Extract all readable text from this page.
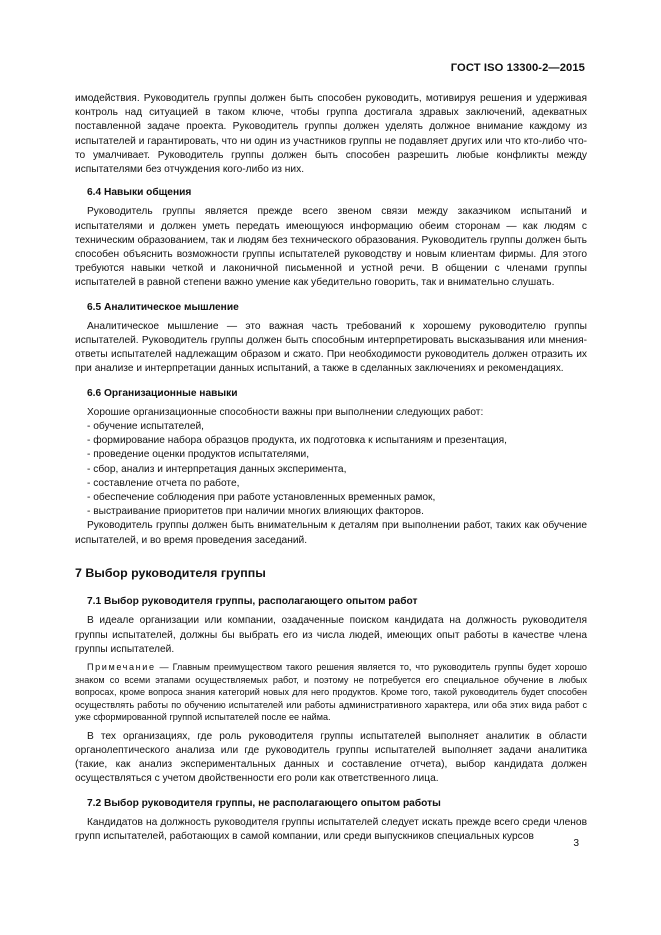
ГОСТ ISO 13300-2—2015

имодействия. Руководитель группы должен быть способен руководить, мотивируя решения и удерживая контроль над ситуацией в таком ключе, чтобы группа достигала здравых заключений, адекватных поставленной задаче проекта. Руководитель группы должен уделять должное внимание каждому из испытателей и гарантировать, что ни один из участников группы не подавляет других или что кто-либо что-то умалчивает. Руководитель группы должен быть способен разрешить любые конфликты между испытателями без отчуждения кого-либо из них.

6.4 Навыки общения

Руководитель группы является прежде всего звеном связи между заказчиком испытаний и испытателями и должен уметь передать имеющуюся информацию обеим сторонам — как людям с техническим образованием, так и людям без технического образования. Руководитель группы должен быть способен объяснить возможности группы испытателей руководству и новым клиентам фирмы. Для этого требуются навыки четкой и лаконичной письменной и устной речи. В общении с членами группы испытателей в равной степени важно умение как убедительно говорить, так и внимательно слушать.

6.5 Аналитическое мышление

Аналитическое мышление — это важная часть требований к хорошему руководителю группы испытателей. Руководитель группы должен быть способным интерпретировать высказывания или мнения-ответы испытателей надлежащим образом и сжато. При необходимости руководитель должен отразить их при анализе и интерпретации данных испытаний, а также в сделанных заключениях и рекомендациях.

6.6 Организационные навыки

Хорошие организационные способности важны при выполнении следующих работ:

- обучение испытателей,
- формирование набора образцов продукта, их подготовка к испытаниям и презентация,
- проведение оценки продуктов испытателями,
- сбор, анализ и интерпретация данных эксперимента,
- составление отчета по работе,
- обеспечение соблюдения при работе установленных временных рамок,
- выстраивание приоритетов при наличии многих влияющих факторов.

Руководитель группы должен быть внимательным к деталям при выполнении работ, таких как обучение испытателей, и во время проведения заседаний.

7 Выбор руководителя группы
7.1 Выбор руководителя группы, располагающего опытом работ

В идеале организации или компании, озадаченные поиском кандидата на должность руководителя группы испытателей, должны бы выбрать его из числа людей, имеющих опыт работы в качестве члена группы испытателей.

Примечание — Главным преимуществом такого решения является то, что руководитель группы будет хорошо знаком со всеми этапами осуществляемых работ, и поэтому не потребуется его специальное обучение в любых вопросах, кроме вопроса знания категорий новых для него продуктов. Кроме того, такой руководитель будет способен осуществлять работы по обучению испытателей или работы административного характера, или оба этих вида работ с уже сформированной группой испытателей после ее найма.

В тех организациях, где роль руководителя группы испытателей выполняет аналитик в области органолептического анализа или где руководитель группы испытателей выполняет задачи аналитика (такие, как анализ экспериментальных данных и составление отчета), выбор кандидата должен осуществляться с учетом двойственности его роли как ответственного лица.

7.2 Выбор руководителя группы, не располагающего опытом работы

Кандидатов на должность руководителя группы испытателей следует искать прежде всего среди членов групп испытателей, работающих в самой компании, или среди выпускников специальных курсов

3
